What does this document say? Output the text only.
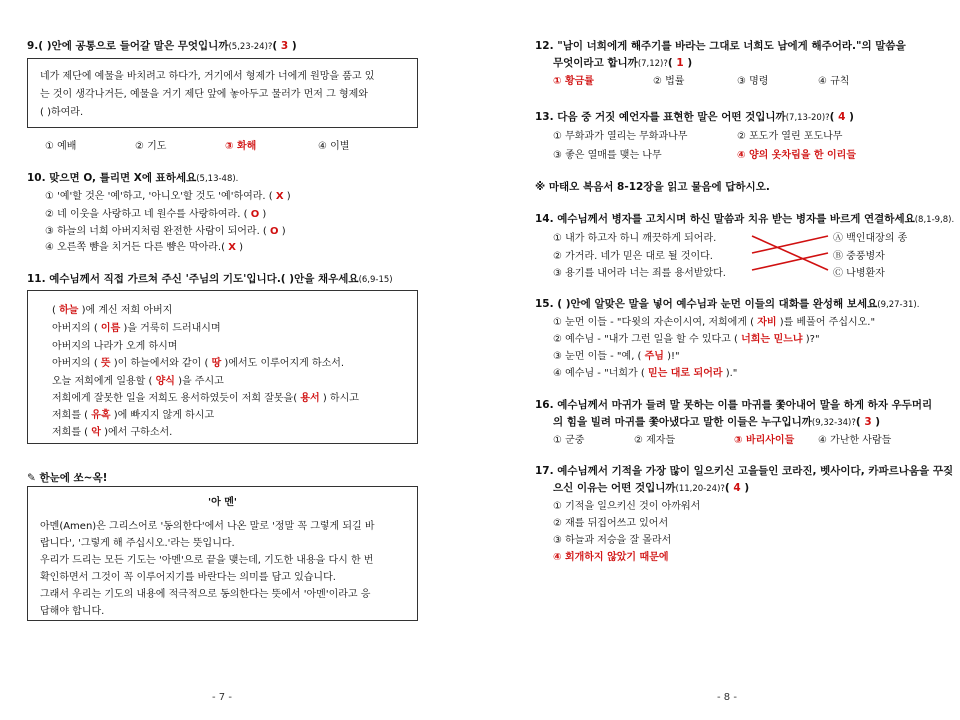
9.( )안에 공통으로 들어갈 말은 무엇입니까(5,23-24)?( 3 )
네가 제단에 예물을 바치려고 하다가, 거기에서 형제가 너에게 원망을 품고 있
는 것이 생각나거든, 예물을 거기 제단 앞에 놓아두고 물러가 먼저 그 형제와
( )하여라.
① 예배	② 기도	③ 화해	④ 이별
10. 맞으면 O, 틀리면 X에 표하세요(5,13-48).
① '예'할 것은 '예'하고, '아니오'할 것도 '예'하여라. ( X )
② 네 이웃을 사랑하고 네 원수를 사랑하여라. ( O )
③ 하늘의 너희 아버지처럼 완전한 사람이 되어라. ( O )
④ 오른쪽 뺨을 치거든 다른 뺨은 막아라.( X )
11. 예수님께서 직접 가르쳐 주신 '주님의 기도'입니다.( )안을 채우세요(6,9-15)
( 하늘 )에 계신 저희 아버지
아버지의 ( 이름 )을 거룩히 드러내시며
아버지의 나라가 오게 하시며
아버지의 ( 뜻 )이 하늘에서와 같이 ( 땅 )에서도 이루어지게 하소서.
오늘 저희에게 일용할 ( 양식 )을 주시고
저희에게 잘못한 일을 저희도 용서하였듯이 저희 잘못을( 용서 ) 하시고
저희를 ( 유혹 )에 빠지지 않게 하시고
저희를 ( 악 )에서 구하소서.
✎ 한눈에 쏘~옥!
'아 멘'
아멘(Amen)은 그리스어로 '동의한다'에서 나온 말로 '정말 꼭 그렇게 되길 바
랍니다', '그렇게 해 주십시오.'라는 뜻입니다.
우리가 드리는 모든 기도는 '아멘'으로 끝을 맺는데, 기도한 내용을 다시 한 번
확인하면서 그것이 꼭 이루어지기를 바란다는 의미를 담고 있습니다.
그래서 우리는 기도의 내용에 적극적으로 동의한다는 뜻에서 '아멘'이라고 응
답해야 합니다.
- 7 -
12. "남이 너희에게 해주기를 바라는 그대로 너희도 남에게 해주어라."의 말씀을
무엇이라고 합니까(7,12)?( 1 )
① 황금률	② 법률	③ 명령	④ 규칙
13. 다음 중 거짓 예언자를 표현한 말은 어떤 것입니까(7,13-20)?( 4 )
① 무화과가 열리는 무화과나무	② 포도가 열린 포도나무
③ 좋은 열매를 맺는 나무	④ 양의 옷차림을 한 이리들
※ 마태오 복음서 8-12장을 읽고 물음에 답하시오.
14. 예수님께서 병자를 고치시며 하신 말씀과 치유 받는 병자를 바르게 연결하세요(8,1-9,8).
① 내가 하고자 하니 깨끗하게 되어라.
② 가거라. 네가 믿은 대로 될 것이다.
③ 용기를 내어라 너는 죄를 용서받았다.
Ⓐ 백인대장의 종
Ⓑ 중풍병자
Ⓒ 나병환자
15. ( )안에 알맞은 말을 넣어 예수님과 눈먼 이들의 대화를 완성해 보세요(9,27-31).
① 눈먼 이들 - "다윗의 자손이시여, 저희에게 ( 자비 )를 베풀어 주십시오."
② 예수님 - "내가 그런 일을 할 수 있다고 ( 너희는 믿느냐 )?"
③ 눈먼 이들 - "예, ( 주님 )!"
④ 예수님 - "너희가 ( 믿는 대로 되어라 )."
16. 예수님께서 마귀가 들려 말 못하는 이를 마귀를 쫓아내어 말을 하게 하자 우두머리
의 힘을 빌려 마귀를 쫓아냈다고 말한 이들은 누구입니까(9,32-34)?( 3 )
① 군중	② 제자들	③ 바리사이들 ④ 가난한 사람들
17. 예수님께서 기적을 가장 많이 일으키신 고을들인 코라진, 벳사이다, 카파르나움을 꾸짖
으신 이유는 어떤 것입니까(11,20-24)?( 4 )
① 기적을 일으키신 것이 아까워서
② 재를 뒤집어쓰고 있어서
③ 하늘과 저승을 잘 몰라서
④ 회개하지 않았기 때문에
- 8 -
